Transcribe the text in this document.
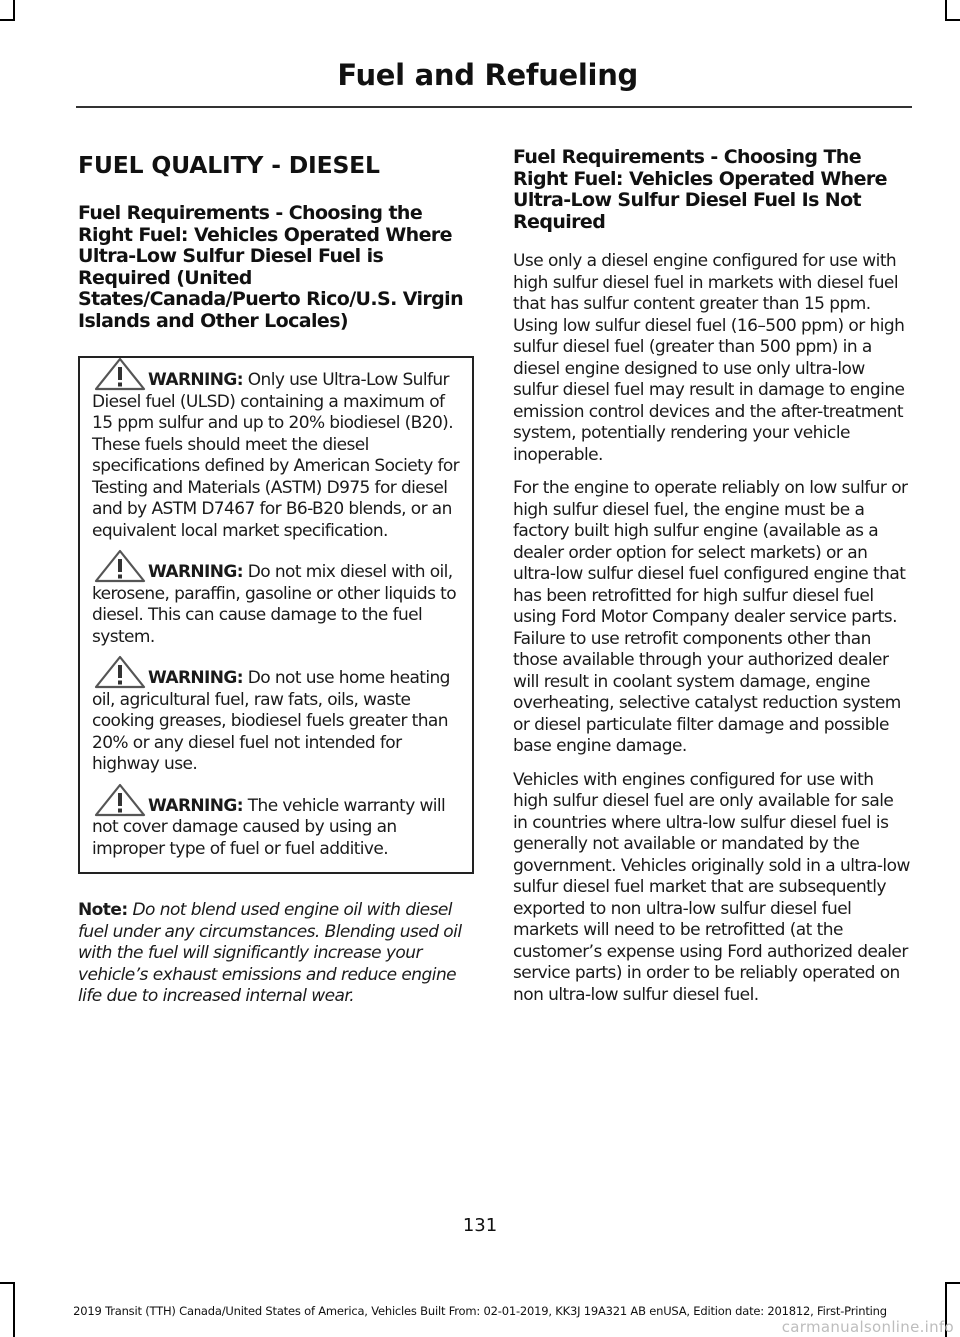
Fuel and Refueling
FUEL QUALITY - DIESEL
Fuel Requirements - Choosing the Right Fuel: Vehicles Operated Where Ultra-Low Sulfur Diesel Fuel is Required (United States/Canada/Puerto Rico/U.S. Virgin Islands and Other Locales)

WARNING: Only use Ultra-Low Sulfur Diesel fuel (ULSD) containing a maximum of 15 ppm sulfur and up to 20% biodiesel (B20). These fuels should meet the diesel specifications defined by American Society for Testing and Materials (ASTM) D975 for diesel and by ASTM D7467 for B6-B20 blends, or an equivalent local market specification.

WARNING: Do not mix diesel with oil, kerosene, paraffin, gasoline or other liquids to diesel. This can cause damage to the fuel system.

WARNING: Do not use home heating oil, agricultural fuel, raw fats, oils, waste cooking greases, biodiesel fuels greater than 20% or any diesel fuel not intended for highway use.

WARNING: The vehicle warranty will not cover damage caused by using an improper type of fuel or fuel additive.

Note: Do not blend used engine oil with diesel fuel under any circumstances. Blending used oil with the fuel will significantly increase your vehicle’s exhaust emissions and reduce engine life due to increased internal wear.

Fuel Requirements - Choosing The Right Fuel: Vehicles Operated Where Ultra-Low Sulfur Diesel Fuel Is Not Required

Use only a diesel engine configured for use with high sulfur diesel fuel in markets with diesel fuel that has sulfur content greater than 15 ppm. Using low sulfur diesel fuel (16–500 ppm) or high sulfur diesel fuel (greater than 500 ppm) in a diesel engine designed to use only ultra-low sulfur diesel fuel may result in damage to engine emission control devices and the after-treatment system, potentially rendering your vehicle inoperable.

For the engine to operate reliably on low sulfur or high sulfur diesel fuel, the engine must be a factory built high sulfur engine (available as a dealer order option for select markets) or an ultra-low sulfur diesel fuel configured engine that has been retrofitted for high sulfur diesel fuel using Ford Motor Company dealer service parts. Failure to use retrofit components other than those available through your authorized dealer will result in coolant system damage, engine overheating, selective catalyst reduction system or diesel particulate filter damage and possible base engine damage.

Vehicles with engines configured for use with high sulfur diesel fuel are only available for sale in countries where ultra-low sulfur diesel fuel is generally not available or mandated by the government. Vehicles originally sold in a ultra-low sulfur diesel fuel market that are subsequently exported to non ultra-low sulfur diesel fuel markets will need to be retrofitted (at the customer’s expense using Ford authorized dealer service parts) in order to be reliably operated on non ultra-low sulfur diesel fuel.

131
2019 Transit (TTH) Canada/United States of America, Vehicles Built From: 02-01-2019, KK3J 19A321 AB enUSA, Edition date: 201812, First-Printing
carmanualsonline.info
